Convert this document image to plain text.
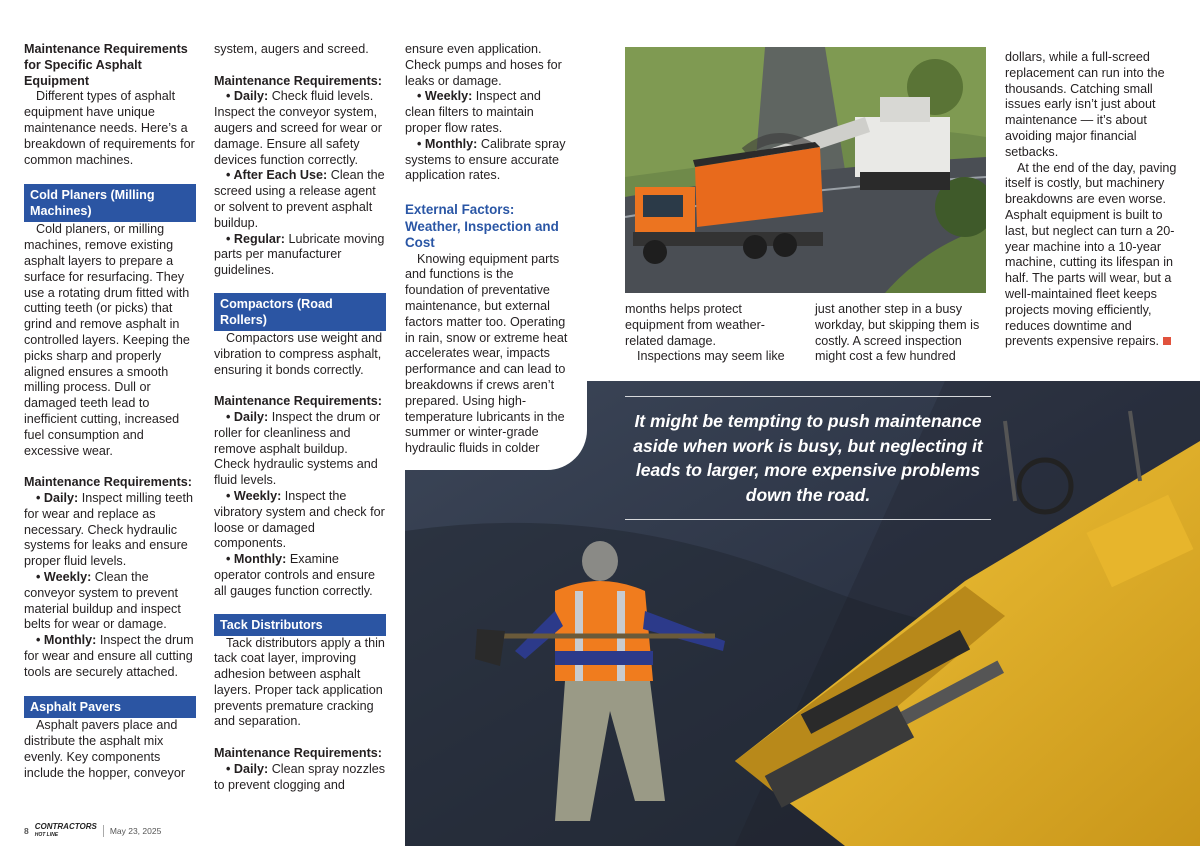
Maintenance Requirements for Specific Asphalt Equipment

Different types of asphalt equipment have unique maintenance needs. Here’s a breakdown of requirements for common machines.

Cold Planers (Milling Machines)

Cold planers, or milling machines, remove existing asphalt layers to prepare a surface for resurfacing. They use a rotating drum fitted with cutting teeth (or picks) that grind and remove asphalt in controlled layers. Keeping the picks sharp and properly aligned ensures a smooth milling process. Dull or damaged teeth lead to inefficient cutting, increased fuel consumption and excessive wear.

Maintenance Requirements:

• Daily: Inspect milling teeth for wear and replace as necessary. Check hydraulic systems for leaks and ensure proper fluid levels.

• Weekly: Clean the conveyor system to prevent material buildup and inspect belts for wear or damage.

• Monthly: Inspect the drum for wear and ensure all cutting tools are securely attached.

Asphalt Pavers

Asphalt pavers place and distribute the asphalt mix evenly. Key components include the hopper, conveyor

system, augers and screed.

Maintenance Requirements:

• Daily: Check fluid levels. Inspect the conveyor system, augers and screed for wear or damage. Ensure all safety devices function correctly.

• After Each Use: Clean the screed using a release agent or solvent to prevent asphalt buildup.

• Regular: Lubricate moving parts per manufacturer guidelines.

Compactors (Road Rollers)

Compactors use weight and vibration to compress asphalt, ensuring it bonds correctly.

Maintenance Requirements:

• Daily: Inspect the drum or roller for cleanliness and remove asphalt buildup. Check hydraulic systems and fluid levels.

• Weekly: Inspect the vibratory system and check for loose or damaged components.

• Monthly: Examine operator controls and ensure all gauges function correctly.

Tack Distributors

Tack distributors apply a thin tack coat layer, improving adhesion between asphalt layers. Proper tack application prevents premature cracking and separation.

Maintenance Requirements:

• Daily: Clean spray nozzles to prevent clogging and

ensure even application. Check pumps and hoses for leaks or damage.

• Weekly: Inspect and clean filters to maintain proper flow rates.

• Monthly: Calibrate spray systems to ensure accurate application rates.

External Factors: Weather, Inspection and Cost

Knowing equipment parts and functions is the foundation of preventative maintenance, but external factors matter too. Operating in rain, snow or extreme heat accelerates wear, impacts performance and can lead to breakdowns if crews aren’t prepared. Using high-temperature lubricants in the summer or winter-grade hydraulic fluids in colder

months helps protect equipment from weather-related damage.

Inspections may seem like

just another step in a busy workday, but skipping them is costly. A screed inspection might cost a few hundred

dollars, while a full-screed replacement can run into the thousands. Catching small issues early isn’t just about maintenance — it’s about avoiding major financial setbacks.

At the end of the day, paving itself is costly, but machinery breakdowns are even worse. Asphalt equipment is built to last, but neglect can turn a 20-year machine into a 10-year machine, cutting its lifespan in half. The parts will wear, but a well-maintained fleet keeps projects moving efficiently, reduces downtime and prevents expensive repairs.

It might be tempting to push maintenance aside when work is busy, but neglecting it leads to larger, more expensive problems down the road.
8 CONTRACTORS
HOT LINE	May 23, 2025
